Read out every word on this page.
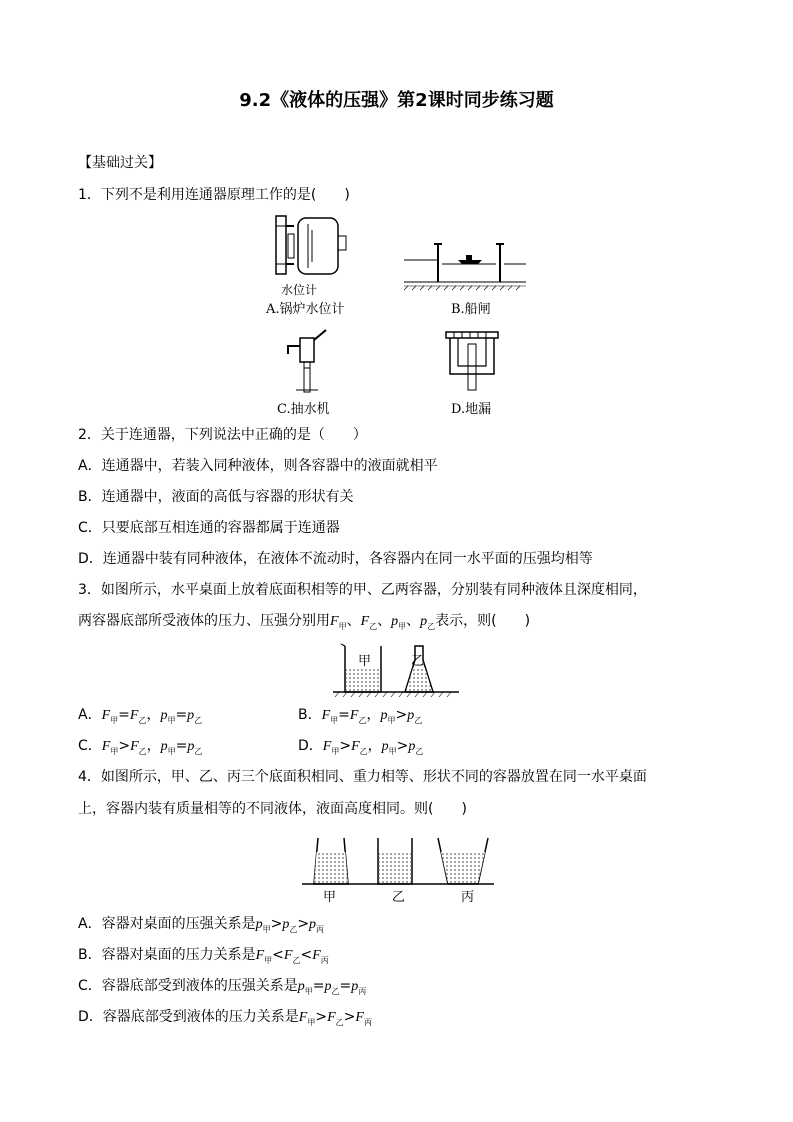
9.2《液体的压强》第2课时同步练习题
【基础过关】
1．下列不是利用连通器原理工作的是(　　)
水位计
A.锅炉水位计	B.船闸
C.抽水机	D.地漏
2．关于连通器，下列说法中正确的是（　　）
A．连通器中，若装入同种液体，则各容器中的液面就相平
B．连通器中，液面的高低与容器的形状有关
C．只要底部互相连通的容器都属于连通器
D．连通器中装有同种液体，在液体不流动时，各容器内在同一水平面的压强均相等
3．如图所示，水平桌面上放着底面积相等的甲、乙两容器，分别装有同种液体且深度相同，
两容器底部所受液体的压力、压强分别用$F_甲$、$F_乙$、$p_甲$、$p_乙$表示，则(　　)
甲	乙
A．$F_甲=F_乙$，$p_甲=p_乙$	B．$F_甲=F_乙$，$p_甲>p_乙$
C．$F_甲>F_乙$，$p_甲=p_乙$	D．$F_甲>F_乙$，$p_甲>p_乙$
4．如图所示，甲、乙、丙三个底面积相同、重力相等、形状不同的容器放置在同一水平桌面
上，容器内装有质量相等的不同液体，液面高度相同。则(　　)
甲	乙	丙
A．容器对桌面的压强关系是$p_甲>p_乙>p_丙$
B．容器对桌面的压力关系是$F_甲<F_乙<F_丙$
C．容器底部受到液体的压强关系是$p_甲=p_乙=p_丙$
D．容器底部受到液体的压力关系是$F_甲>F_乙>F_丙$
